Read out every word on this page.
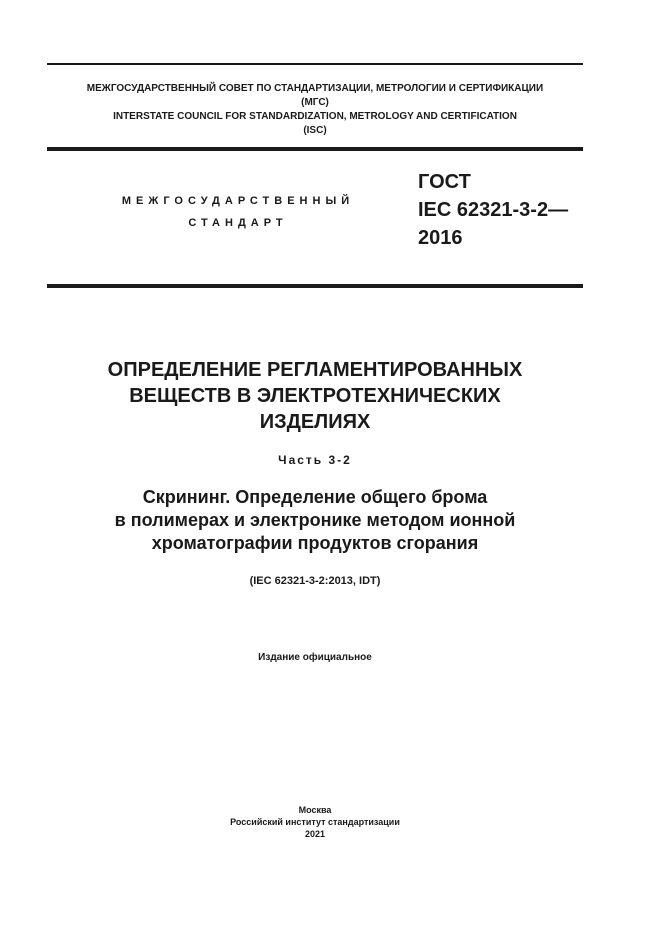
МЕЖГОСУДАРСТВЕННЫЙ СОВЕТ ПО СТАНДАРТИЗАЦИИ, МЕТРОЛОГИИ И СЕРТИФИКАЦИИ
(МГС)
INTERSTATE COUNCIL FOR STANDARDIZATION, METROLOGY AND CERTIFICATION
(ISC)
МЕЖГОСУДАРСТВЕННЫЙ
СТАНДАРТ
ГОСТ
IEC 62321-3-2—
2016
ОПРЕДЕЛЕНИЕ РЕГЛАМЕНТИРОВАННЫХ
ВЕЩЕСТВ В ЭЛЕКТРОТЕХНИЧЕСКИХ
ИЗДЕЛИЯХ
Часть 3-2
Скрининг. Определение общего брома
в полимерах и электронике методом ионной
хроматографии продуктов сгорания
(IEC 62321-3-2:2013, IDT)
Издание официальное
Москва
Российский институт стандартизации
2021
